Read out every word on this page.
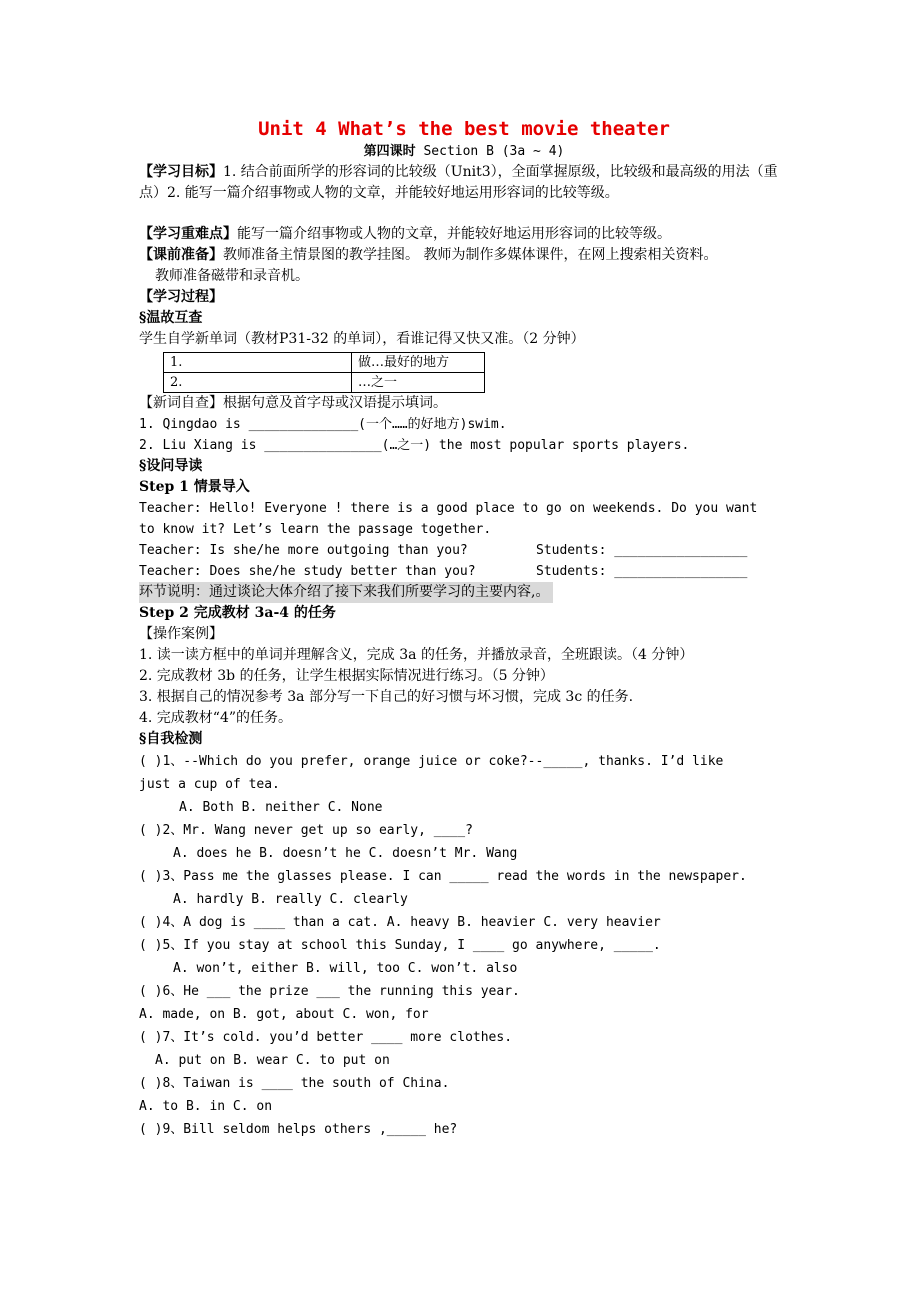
Unit 4 What’s the best movie theater
第四课时 Section B (3a ~ 4)

【学习目标】1. 结合前面所学的形容词的比较级（Unit3），全面掌握原级，比较级和最高级的用法（重点）2. 能写一篇介绍事物或人物的文章，并能较好地运用形容词的比较等级。

【学习重难点】能写一篇介绍事物或人物的文章，并能较好地运用形容词的比较等级。

【课前准备】教师准备主情景图的教学挂图。 教师为制作多媒体课件，在网上搜索相关资料。

教师准备磁带和录音机。

【学习过程】

§温故互查

学生自学新单词（教材P31-32 的单词），看谁记得又快又准。（2 分钟）

1.	做…最好的地方
2.	…之一

【新词自查】根据句意及首字母或汉语提示填词。

1. Qingdao is ______________(一个……的好地方)swim.

2. Liu Xiang is _______________(…之一) the most popular sports players.

§设问导读

Step 1 情景导入

Teacher: Hello! Everyone ! there is a good place to go on weekends. Do you want

to know it? Let’s learn the passage together.

Teacher: Is she/he more outgoing than you?	Students: _________________
Teacher: Does she/he study better than you?	Students: _________________

环节说明：通过谈论大体介绍了接下来我们所要学习的主要内容,。

Step 2 完成教材 3a-4 的任务

【操作案例】

1. 读一读方框中的单词并理解含义，完成 3a 的任务，并播放录音，全班跟读。（4 分钟）

2. 完成教材 3b 的任务，让学生根据实际情况进行练习。（5 分钟）

3. 根据自己的情况参考 3a 部分写一下自己的好习惯与坏习惯，完成 3c 的任务.

4. 完成教材“4”的任务。

§自我检测

( )1、--Which do you prefer, orange juice or coke?--_____, thanks. I’d like

just a cup of tea.

A. Both B. neither C. None

( )2、Mr. Wang never get up so early, ____?

A. does he B. doesn’t he C. doesn’t Mr. Wang

( )3、Pass me the glasses please. I can _____ read the words in the newspaper.

A. hardly B. really C. clearly

( )4、A dog is ____ than a cat. A. heavy B. heavier C. very heavier

( )5、If you stay at school this Sunday, I ____ go anywhere, _____.

A. won’t, either B. will, too C. won’t. also

( )6、He ___ the prize ___ the running this year.

A. made, on B. got, about C. won, for

( )7、It’s cold. you’d better ____ more clothes.

A. put on B. wear C. to put on

( )8、Taiwan is ____ the south of China.

A. to B. in C. on

( )9、Bill seldom helps others ,_____ he?
